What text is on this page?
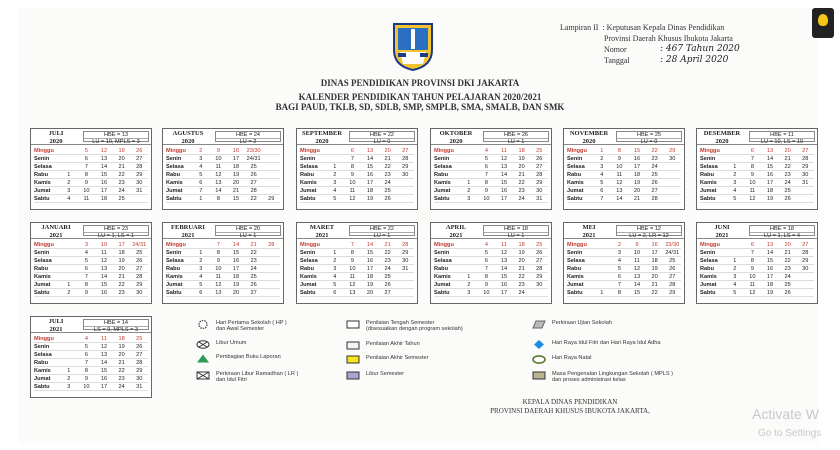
Lampiran II : Keputusan Kepala Dinas Pendidikan
Provinsi Daerah Khusus Ibukota Jakarta
Nomor	: 467 Tahun 2020
Tanggal	: 28 April 2020
DINAS PENDIDIKAN PROVINSI DKI JAKARTA
KALENDER PENDIDIKAN TAHUN PELAJARAN 2020/2021
BAGI PAUD, TKLB, SD, SDLB, SMP, SMPLB, SMA, SMALB, DAN SMK
JULI
2020
HBE = 13
LU = 10, MPLS = 3
Minggu	5	12	19	26
Senin	6	13	20	27
Selasa	7	14	21	28
Rabu	1	8	15	22	29
Kamis	2	9	16	23	30
Jumat	3	10	17	24	31
Sabtu	4	11	18	25
AGUSTUS
2020
HBE = 24
LU = 2
Minggu	2	9	16	23/30
Senin	3	10	17	24/31
Selasa	4	11	18	25
Rabu	5	12	19	26
Kamis	6	13	20	27
Jumat	7	14	21	28
Sabtu	1	8	15	22	29
SEPTEMBER
2020
HBE = 22
LU = 0
Minggu	6	13	20	27
Senin	7	14	21	28
Selasa	1	8	15	22	29
Rabu	2	9	16	23	30
Kamis	3	10	17	24
Jumat	4	11	18	25
Sabtu	5	12	19	26
OKTOBER
2020
HBE = 26
LU = 1
Minggu	4	11	18	25
Senin	5	12	19	26
Selasa	6	13	20	27
Rabu	7	14	21	28
Kamis	1	8	15	22	29
Jumat	2	9	16	23	30
Sabtu	3	10	17	24	31
NOVEMBER
2020
HBE = 25
LU = 0
Minggu	1	8	15	22	29
Senin	2	9	16	23	30
Selasa	3	10	17	24
Rabu	4	11	18	25
Kamis	5	12	19	26
Jumat	6	13	20	27
Sabtu	7	14	21	28
DESEMBER
2020
HBE = 11
LU = 10, LS = 10
Minggu	6	13	20	27
Senin	7	14	21	28
Selasa	1	8	15	22	29
Rabu	2	9	16	23	30
Kamis	3	10	17	24	31
Jumat	4	11	18	25
Sabtu	5	12	19	26
JANUARI
2021
HBE = 23
LU = 1, LS = 1
Minggu	3	10	17	24/31
Senin	4	11	18	25
Selasa	5	12	19	26
Rabu	6	13	20	27
Kamis	7	14	21	28
Jumat	1	8	15	22	29
Sabtu	2	9	16	23	30
FEBRUARI
2021
HBE = 20
LU = 1
Minggu	7	14	21	28
Senin	1	8	15	22
Selasa	2	9	16	23
Rabu	3	10	17	24
Kamis	4	11	18	25
Jumat	5	12	19	26
Sabtu	6	13	20	27
MARET
2021
HBE = 22
LU = 1
Minggu	7	14	21	28
Senin	1	8	15	22	29
Selasa	2	9	16	23	30
Rabu	3	10	17	24	31
Kamis	4	11	18	25
Jumat	5	12	19	26
Sabtu	6	13	20	27
APRIL
2021
HBE = 18
LU = 1
Minggu	4	11	18	25
Senin	5	12	19	26
Selasa	6	13	20	27
Rabu	7	14	21	28
Kamis	1	8	15	22	29
Jumat	2	9	16	23	30
Sabtu	3	10	17	24
MEI
2021
HBE = 12
LU = 2, LR = 12
Minggu	2	9	16	23/30
Senin	3	10	17	24/31
Selasa	4	11	18	25
Rabu	5	12	19	26
Kamis	6	13	20	27
Jumat	7	14	21	28
Sabtu	1	8	15	22	29
JUNI
2021
HBE = 18
LU = 1, LS = 4
Minggu	6	13	20	27
Senin	7	14	21	28
Selasa	1	8	15	22	29
Rabu	2	9	16	23	30
Kamis	3	10	17	24
Jumat	4	11	18	25
Sabtu	5	12	19	26
JULI
2021
HBE = 14
LS = 9, MPLS = 3
Minggu	4	11	18	25
Senin	5	12	19	26
Selasa	6	13	20	27
Rabu	7	14	21	28
Kamis	1	8	15	22	29
Jumat	2	9	16	23	30
Sabtu	3	10	17	24	31
Hari Pertama Sekolah ( HP )
dan Awal Semester
Libur Umum
Pembagian Buku Laporan
Perkiraan Libur Ramadhan ( LR )
dan Idul Fitri
Penilaian Tengah Semester
(disesuaikan dengan program sekolah)
Penilaian Akhir Tahun
Penilaian Akhir Semester
Libur Semester
Perkiraan Ujian Sekolah
Hari Raya Idul Fitri dan Hari Raya Idul Adha
Hari Raya Natal
Masa Pengenalan Lingkungan Sekolah ( MPLS )
dan proses administrasi kelas
KEPALA DINAS PENDIDIKAN
PROVINSI DAERAH KHUSUS IBUKOTA JAKARTA,	Activate W
Go to Settings
